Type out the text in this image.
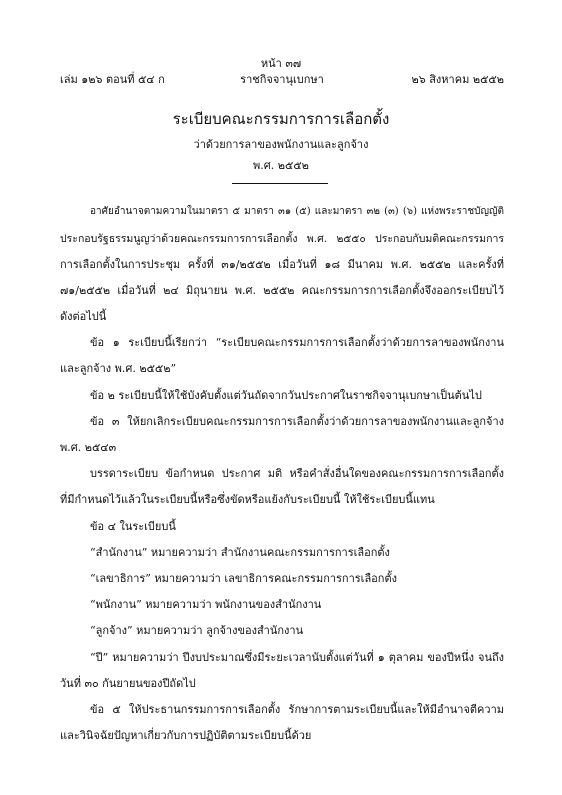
หน้า ๓๗
เล่ม ๑๒๖ ตอนที่ ๕๔ ก	ราชกิจจานุเบกษา	๒๖ สิงหาคม ๒๕๕๒
ระเบียบคณะกรรมการการเลือกตั้ง
ว่าด้วยการลาของพนักงานและลูกจ้าง
พ.ศ. ๒๕๕๒
อาศัยอำนาจตามความในมาตรา ๕ มาตรา ๓๑ (๕) และมาตรา ๓๒ (๓) (๖) แห่งพระราชบัญญัติ
ประกอบรัฐธรรมนูญว่าด้วยคณะกรรมการการเลือกตั้ง พ.ศ. ๒๕๕๐ ประกอบกับมติคณะกรรมการ
การเลือกตั้งในการประชุม ครั้งที่ ๓๑/๒๕๕๒ เมื่อวันที่ ๑๘ มีนาคม พ.ศ. ๒๕๕๒ และครั้งที่
๗๑/๒๕๕๒ เมื่อวันที่ ๒๔ มิถุนายน พ.ศ. ๒๕๕๒ คณะกรรมการการเลือกตั้งจึงออกระเบียบไว้
ดังต่อไปนี้
ข้อ ๑ ระเบียบนี้เรียกว่า “ระเบียบคณะกรรมการการเลือกตั้งว่าด้วยการลาของพนักงาน
และลูกจ้าง พ.ศ. ๒๕๕๒”
ข้อ ๒ ระเบียบนี้ให้ใช้บังคับตั้งแต่วันถัดจากวันประกาศในราชกิจจานุเบกษาเป็นต้นไป
ข้อ ๓ ให้ยกเลิกระเบียบคณะกรรมการการเลือกตั้งว่าด้วยการลาของพนักงานและลูกจ้าง
พ.ศ. ๒๕๔๓
บรรดาระเบียบ ข้อกำหนด ประกาศ มติ หรือคำสั่งอื่นใดของคณะกรรมการการเลือกตั้ง
ที่มีกำหนดไว้แล้วในระเบียบนี้หรือซึ่งขัดหรือแย้งกับระเบียบนี้ ให้ใช้ระเบียบนี้แทน
ข้อ ๔ ในระเบียบนี้
“สำนักงาน” หมายความว่า สำนักงานคณะกรรมการการเลือกตั้ง
“เลขาธิการ” หมายความว่า เลขาธิการคณะกรรมการการเลือกตั้ง
“พนักงาน” หมายความว่า พนักงานของสำนักงาน
“ลูกจ้าง” หมายความว่า ลูกจ้างของสำนักงาน
“ปี” หมายความว่า ปีงบประมาณซึ่งมีระยะเวลานับตั้งแต่วันที่ ๑ ตุลาคม ของปีหนึ่ง จนถึง
วันที่ ๓๐ กันยายนของปีถัดไป
ข้อ ๕ ให้ประธานกรรมการการเลือกตั้ง รักษาการตามระเบียบนี้และให้มีอำนาจตีความ
และวินิจฉัยปัญหาเกี่ยวกับการปฏิบัติตามระเบียบนี้ด้วย
